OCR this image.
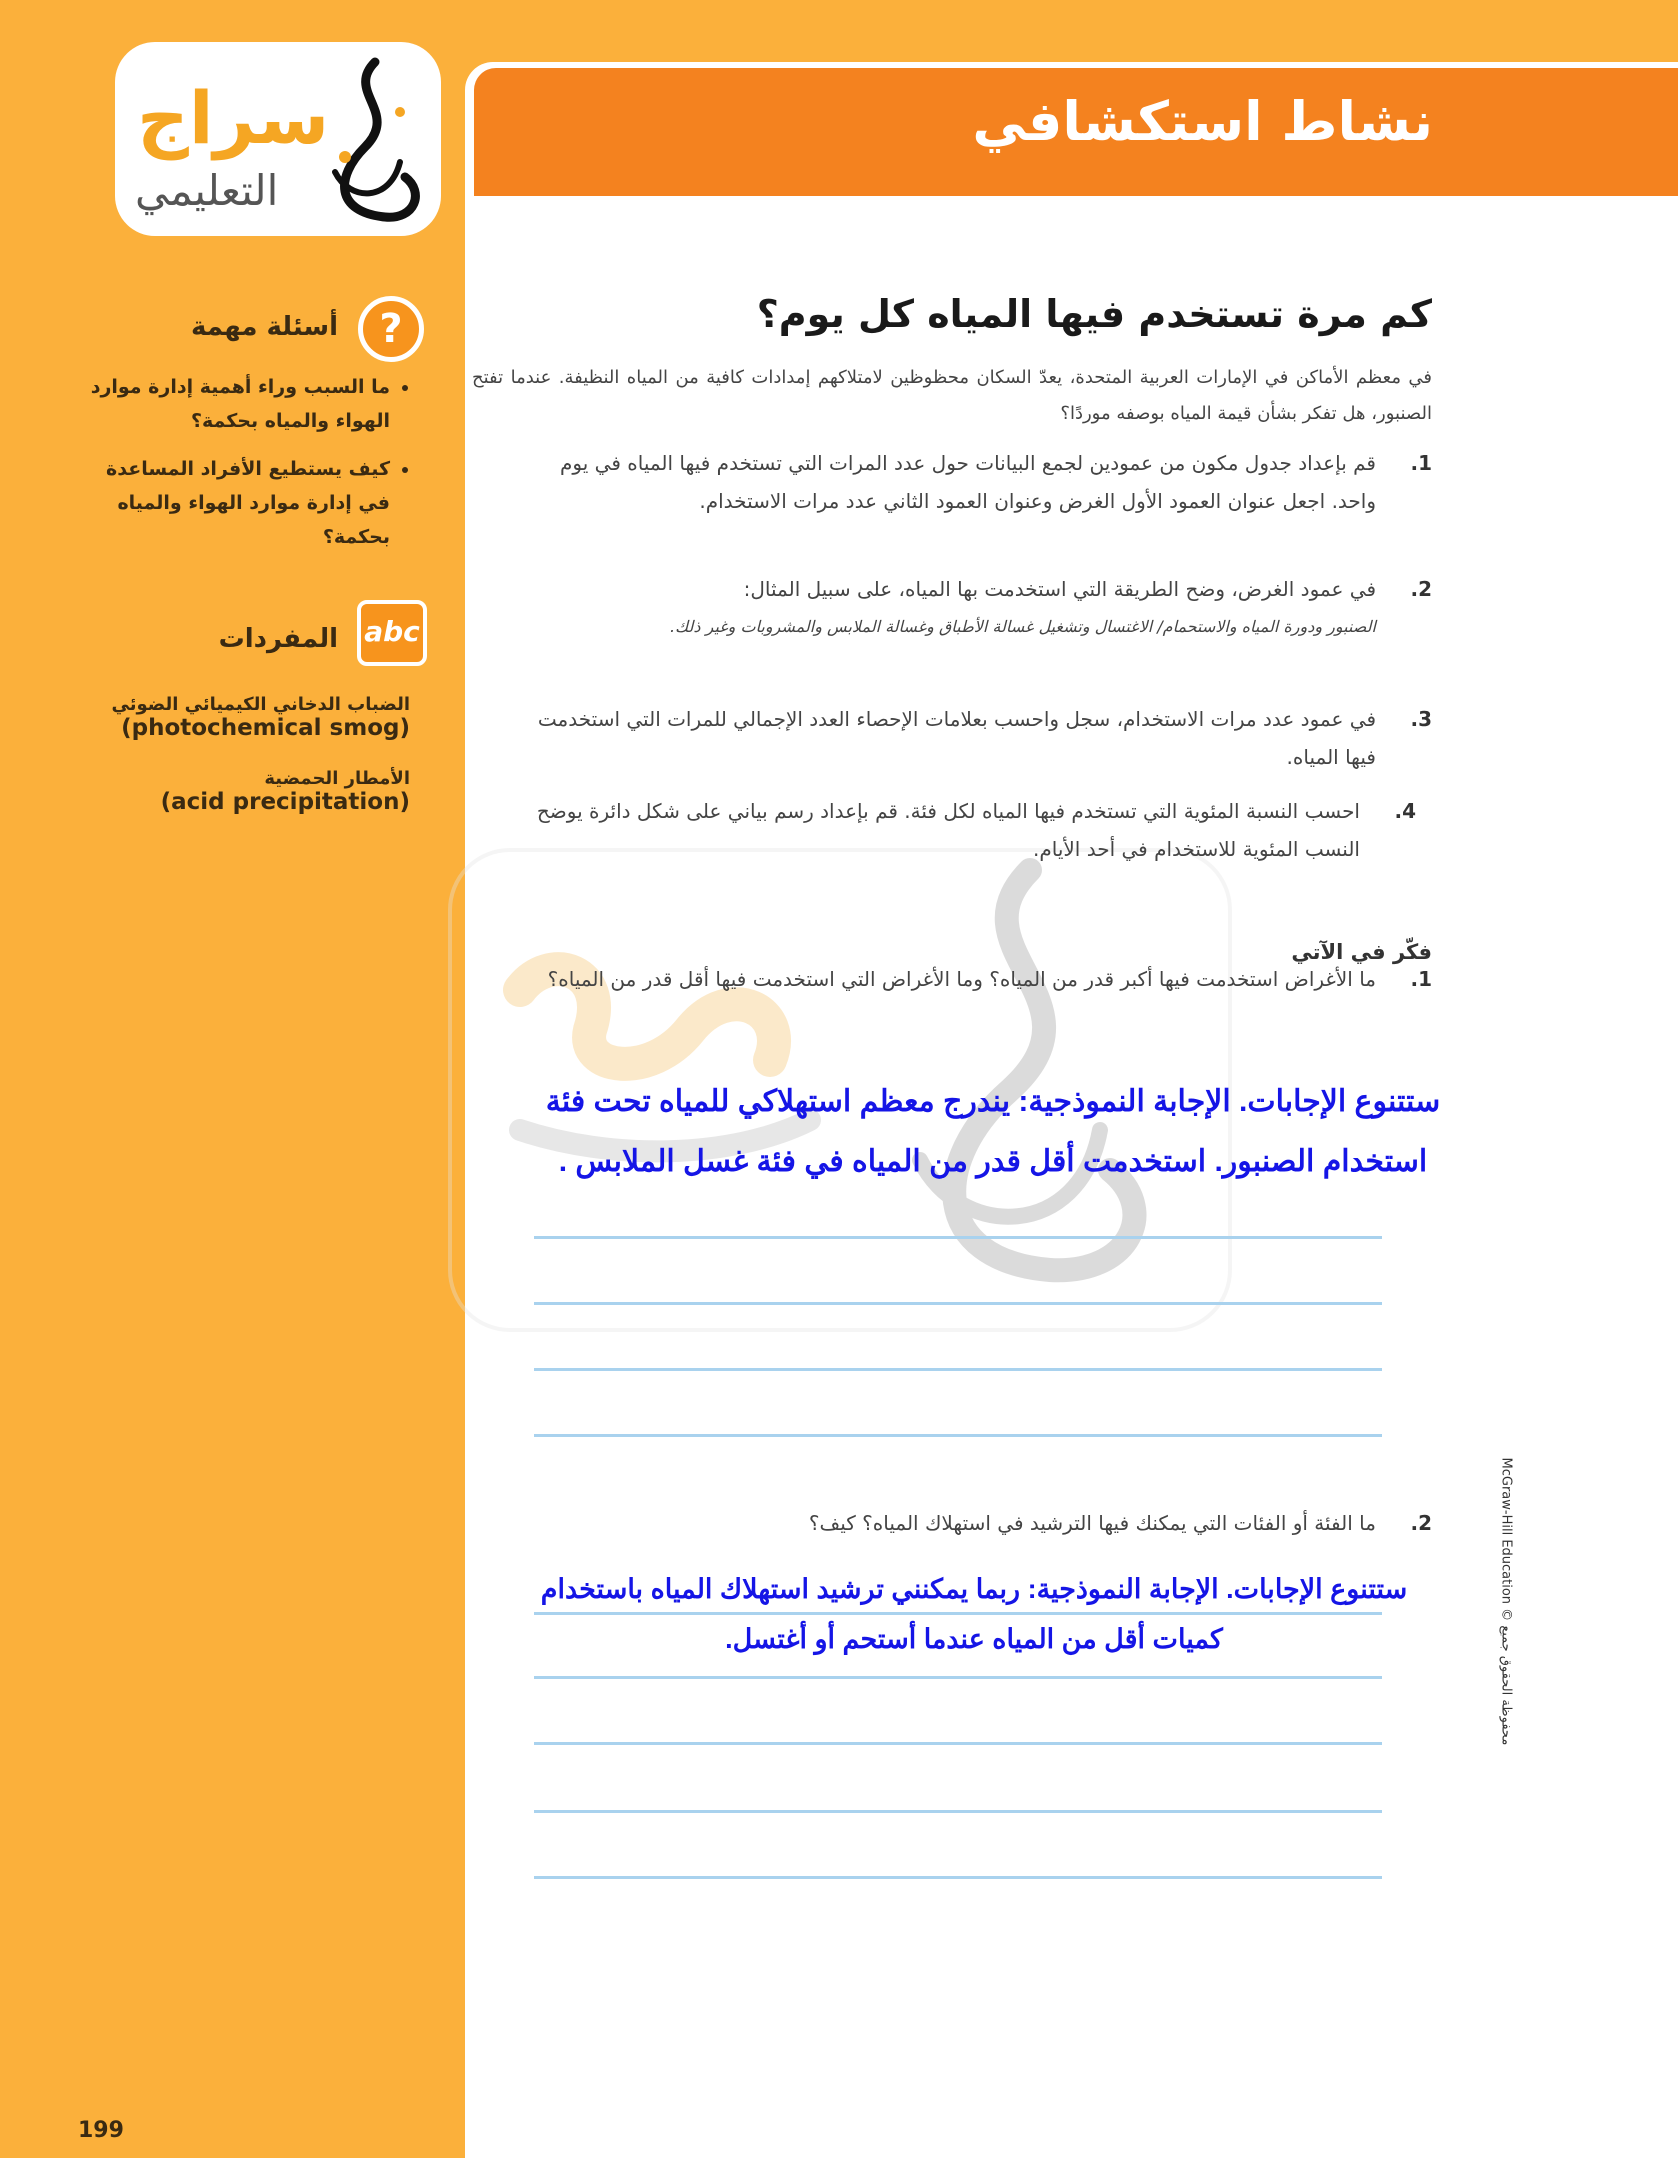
نشاط استكشافي
سراج
التعليمي
?
أسئلة مهمة
• ما السبب وراء أهمية إدارة موارد الهواء والمياه بحكمة؟
• كيف يستطيع الأفراد المساعدة في إدارة موارد الهواء والمياه بحكمة؟
abc
المفردات
الضباب الدخاني الكيميائي الضوئي
(photochemical smog)
الأمطار الحمضية
(acid precipitation)
199
كم مرة تستخدم فيها المياه كل يوم؟
في معظم الأماكن في الإمارات العربية المتحدة، يعدّ السكان محظوظين لامتلاكهم إمدادات كافية من المياه النظيفة. عندما تفتح الصنبور، هل تفكر بشأن قيمة المياه بوصفه موردًا؟
1.
قم بإعداد جدول مكون من عمودين لجمع البيانات حول عدد المرات التي تستخدم فيها المياه في يوم واحد. اجعل عنوان العمود الأول الغرض وعنوان العمود الثاني عدد مرات الاستخدام.
2.
في عمود الغرض، وضح الطريقة التي استخدمت بها المياه، على سبيل المثال:
الصنبور ودورة المياه والاستحمام/ الاغتسال وتشغيل غسالة الأطباق وغسالة الملابس والمشروبات وغير ذلك.
3.
في عمود عدد مرات الاستخدام، سجل واحسب بعلامات الإحصاء العدد الإجمالي للمرات التي استخدمت فيها المياه.
4.
احسب النسبة المئوية التي تستخدم فيها المياه لكل فئة. قم بإعداد رسم بياني على شكل دائرة يوضح النسب المئوية للاستخدام في أحد الأيام.
فكّر في الآتي
1.
ما الأغراض استخدمت فيها أكبر قدر من المياه؟ وما الأغراض التي استخدمت فيها أقل قدر من المياه؟
ستتنوع الإجابات. الإجابة النموذجية: يندرج معظم استهلاكي للمياه تحت فئة استخدام الصنبور. استخدمت أقل قدر من المياه في فئة غسل الملابس .
2.
ما الفئة أو الفئات التي يمكنك فيها الترشيد في استهلاك المياه؟ كيف؟
ستتنوع الإجابات. الإجابة النموذجية: ربما يمكنني ترشيد استهلاك المياه باستخدام كميات أقل من المياه عندما أستحم أو أغتسل.
McGraw-Hill Education © محفوظة الحقوق جميع
